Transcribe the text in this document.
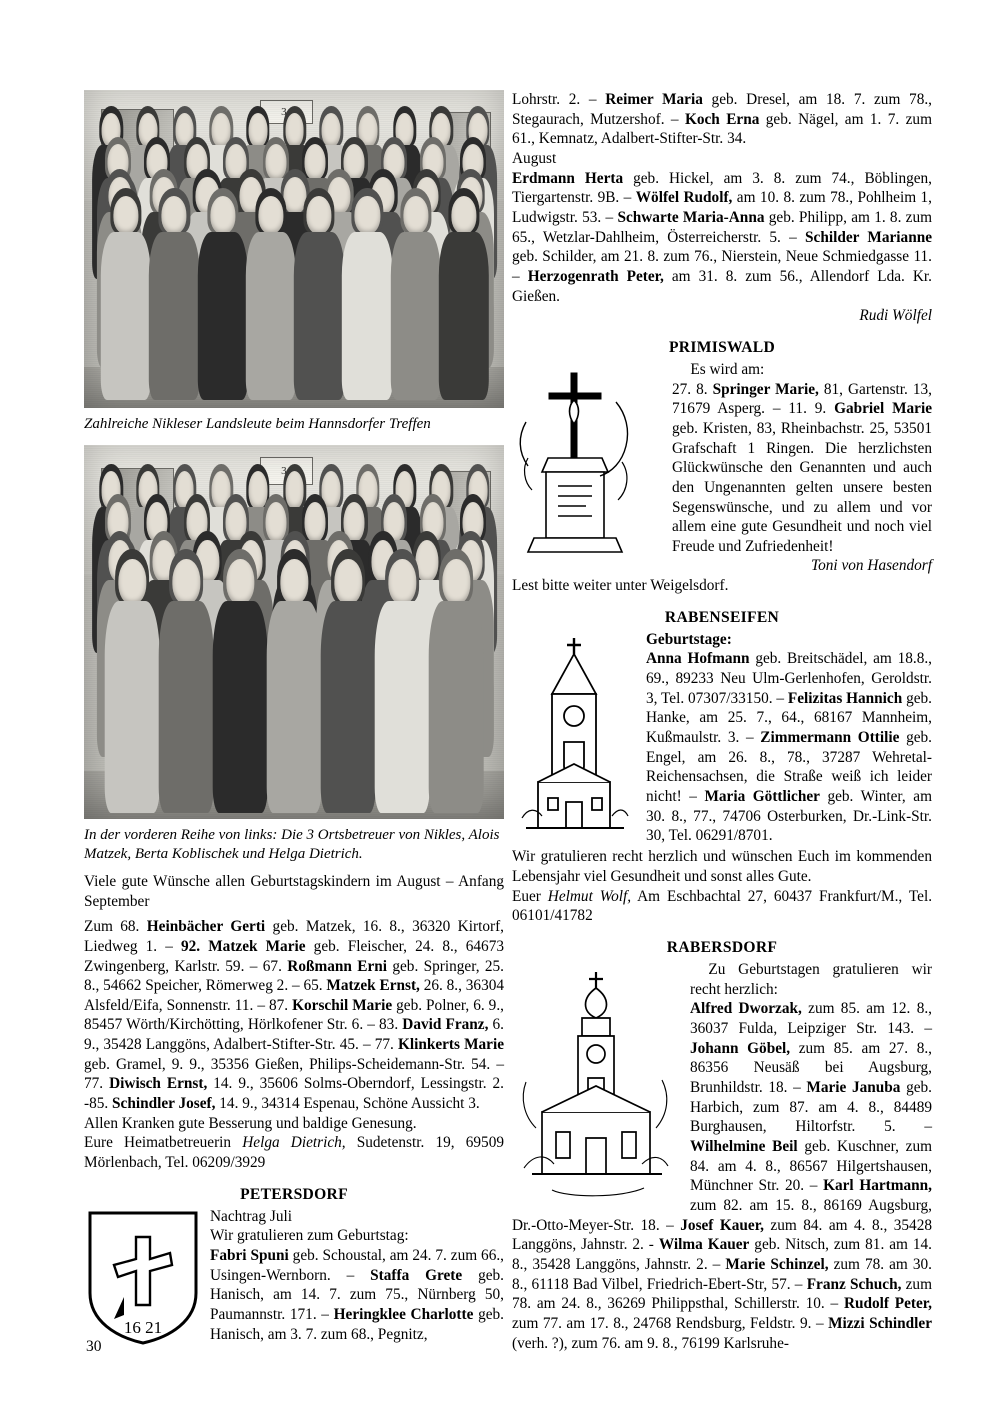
34
Zahlreiche Nikleser Landsleute beim Hannsdorfer Treffen
34
In der vorderen Reihe von links: Die 3 Ortsbetreuer von Nikles, Alois Matzek, Berta Koblischek und Helga Dietrich.

Viele gute Wünsche allen Geburtstagskindern im August – Anfang September

Zum 68. Heinbächer Gerti geb. Matzek, 16. 8., 36320 Kirtorf, Liedweg 1. – 92. Matzek Marie geb. Fleischer, 24. 8., 64673 Zwingenberg, Karlstr. 59. – 67. Roßmann Erni geb. Springer, 25. 8., 54662 Speicher, Römerweg 2. – 65. Matzek Ernst, 26. 8., 36304 Alsfeld/Eifa, Sonnenstr. 11. – 87. Korschil Marie geb. Polner, 6. 9., 85457 Wörth/Kirchötting, Hörlkofener Str. 6. – 83. David Franz, 6. 9., 35428 Langgöns, Adalbert-Stifter-Str. 45. – 77. Klinkerts Marie geb. Gramel, 9. 9., 35356 Gießen, Philips-Scheidemann-Str. 54. – 77. Diwisch Ernst, 14. 9., 35606 Solms-Oberndorf, Lessingstr. 2. -85. Schindler Josef, 14. 9., 34314 Espenau, Schöne Aussicht 3.

Allen Kranken gute Besserung und baldige Genesung.

Eure Heimatbetreuerin Helga Dietrich, Sudetenstr. 19, 69509 Mörlenbach, Tel. 06209/3929

PETERSDORF
16 21

Nachtrag Juli

Wir gratulieren zum Geburtstag:

Fabri Spuni geb. Schoustal, am 24. 7. zum 66., Usingen-Wernborn. – Staffa Grete geb. Hanisch, am 14. 7. zum 75., Nürnberg 50, Paumannstr. 171. – Heringklee Charlotte geb. Hanisch, am 3. 7. zum 68., Pegnitz,

Lohrstr. 2. – Reimer Maria geb. Dresel, am 18. 7. zum 78., Stegaurach, Mutzershof. – Koch Erna geb. Nägel, am 1. 7. zum 61., Kemnatz, Adalbert-Stifter-Str. 34.

August

Erdmann Herta geb. Hickel, am 3. 8. zum 74., Böblingen, Tiergartenstr. 9B. – Wölfel Rudolf, am 10. 8. zum 78., Pohlheim 1, Ludwigstr. 53. – Schwarte Maria-Anna geb. Philipp, am 1. 8. zum 65., Wetzlar-Dahlheim, Österreicherstr. 5. – Schilder Marianne geb. Schilder, am 21. 8. zum 76., Nierstein, Neue Schmiedgasse 11. – Herzogenrath Peter, am 31. 8. zum 56., Allendorf Lda. Kr. Gießen.

Rudi Wölfel

PRIMISWALD

Es wird am:

27. 8. Springer Marie, 81, Gartenstr. 13, 71679 Asperg. – 11. 9. Gabriel Marie geb. Kristen, 83, Rheinbachstr. 25, 53501 Grafschaft 1 Ringen. Die herzlichsten Glückwünsche den Genannten und auch den Ungenannten gelten unsere besten Segenswünsche, und zu allem und vor allem eine gute Gesundheit und noch viel Freude und Zufriedenheit!

Toni von Hasendorf

Lest bitte weiter unter Weigelsdorf.

RABENSEIFEN

Geburtstage:

Anna Hofmann geb. Breitschädel, am 18.8., 69., 89233 Neu Ulm-Gerlenhofen, Geroldstr. 3, Tel. 07307/33150. – Felizitas Hannich geb. Hanke, am 25. 7., 64., 68167 Mannheim, Kußmaulstr. 3. – Zimmermann Ottilie geb. Engel, am 26. 8., 78., 37287 Wehretal-Reichensachsen, die Straße weiß ich leider nicht! – Maria Göttlicher geb. Winter, am 30. 8., 77., 74706 Osterburken, Dr.-Link-Str. 30, Tel. 06291/8701.

Wir gratulieren recht herzlich und wünschen Euch im kommenden Lebensjahr viel Gesundheit und sonst alles Gute.

Euer Helmut Wolf, Am Eschbachtal 27, 60437 Frankfurt/M., Tel. 06101/41782

RABERSDORF

Zu Geburtstagen gratulieren wir recht herzlich:

Alfred Dworzak, zum 85. am 12. 8., 36037 Fulda, Leipziger Str. 143. – Johann Göbel, zum 85. am 27. 8., 86356 Neusäß bei Augsburg, Brunhildstr. 18. – Marie Januba geb. Harbich, zum 87. am 4. 8., 84489 Burghausen, Hiltorfstr. 5. – Wilhelmine Beil geb. Kuschner, zum 84. am 4. 8., 86567 Hilgertshausen, Münchner Str. 20. – Karl Hartmann, zum 82. am 15. 8., 86169 Augsburg, Dr.-Otto-Meyer-Str. 18. – Josef Kauer, zum 84. am 4. 8., 35428 Langgöns, Jahnstr. 2. - Wilma Kauer geb. Nitsch, zum 81. am 14. 8., 35428 Langgöns, Jahnstr. 2. – Marie Schinzel, zum 78. am 30. 8., 61118 Bad Vilbel, Friedrich-Ebert-Str, 57. – Franz Schuch, zum 78. am 24. 8., 36269 Philippsthal, Schillerstr. 10. – Rudolf Peter, zum 77. am 17. 8., 24768 Rendsburg, Feldstr. 9. – Mizzi Schindler (verh. ?), zum 76. am 9. 8., 76199 Karlsruhe-

30
